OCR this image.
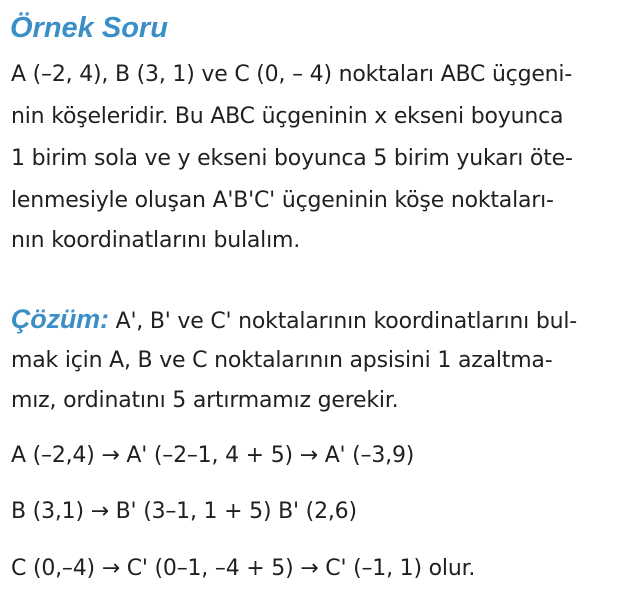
Örnek Soru
A (–2, 4), B (3, 1) ve C (0, – 4) noktaları ABC üçgeni-
nin köşeleridir. Bu ABC üçgeninin x ekseni boyunca
1 birim sola ve y ekseni boyunca 5 birim yukarı öte-
lenmesiyle oluşan A'B'C' üçgeninin köşe noktaları-
nın koordinatlarını bulalım.
Çözüm: A', B' ve C' noktalarının koordinatlarını bul-
mak için A, B ve C noktalarının apsisini 1 azaltma-
mız, ordinatını 5 artırmamız gerekir.
A (–2,4) → A' (–2–1, 4 + 5) → A' (–3,9)
B (3,1) → B' (3–1, 1 + 5) B' (2,6)
C (0,–4) → C' (0–1, –4 + 5) → C' (–1, 1) olur.
